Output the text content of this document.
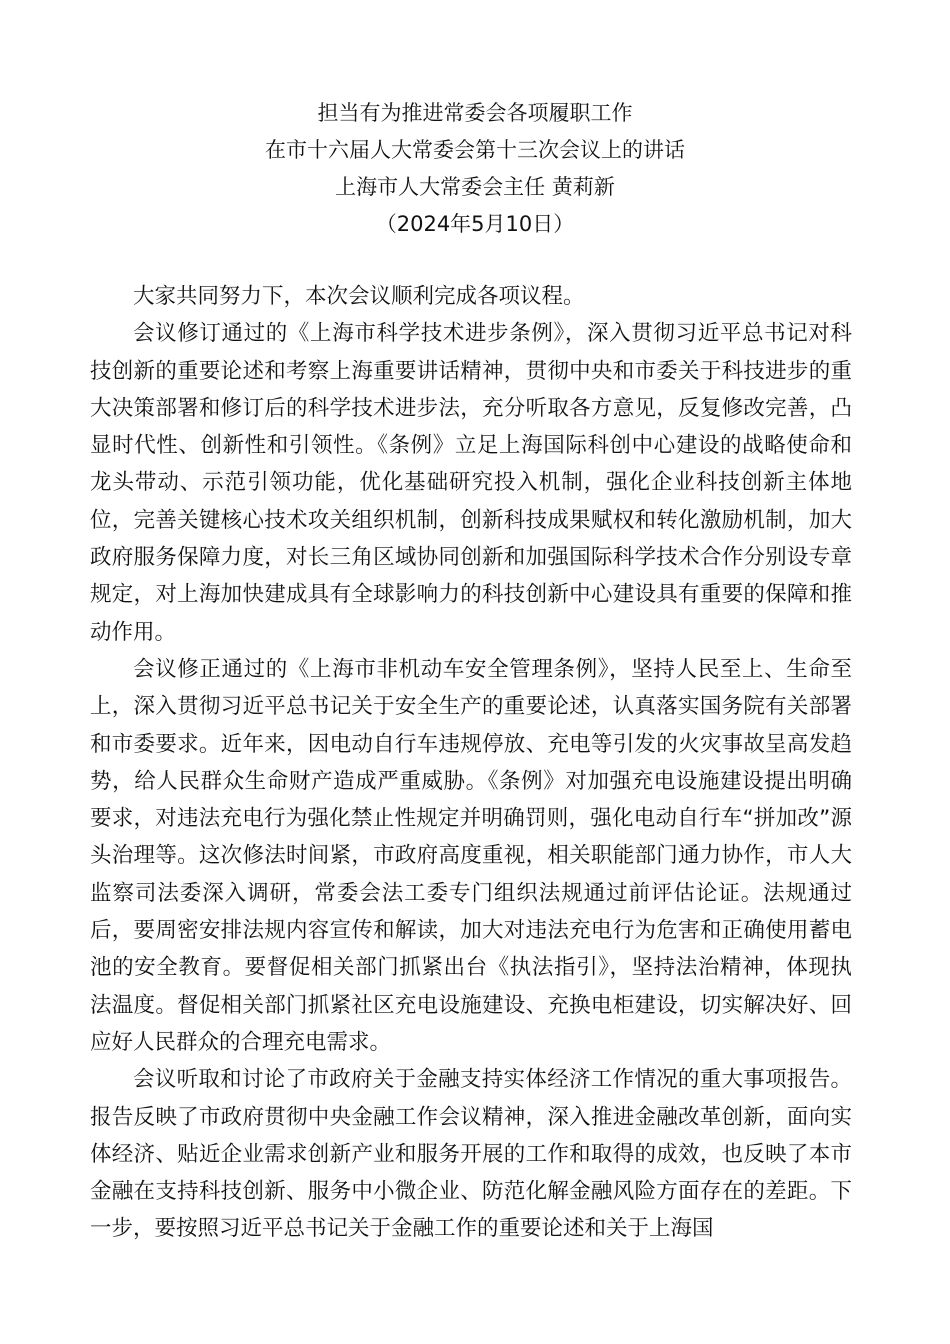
担当有为推进常委会各项履职工作
在市十六届人大常委会第十三次会议上的讲话
上海市人大常委会主任 黄莉新
（2024年5月10日）

大家共同努力下，本次会议顺利完成各项议程。

会议修订通过的《上海市科学技术进步条例》，深入贯彻习近平总书记对科技创新的重要论述和考察上海重要讲话精神，贯彻中央和市委关于科技进步的重大决策部署和修订后的科学技术进步法，充分听取各方意见，反复修改完善，凸显时代性、创新性和引领性。《条例》立足上海国际科创中心建设的战略使命和龙头带动、示范引领功能，优化基础研究投入机制，强化企业科技创新主体地位，完善关键核心技术攻关组织机制，创新科技成果赋权和转化激励机制，加大政府服务保障力度，对长三角区域协同创新和加强国际科学技术合作分别设专章规定，对上海加快建成具有全球影响力的科技创新中心建设具有重要的保障和推动作用。

会议修正通过的《上海市非机动车安全管理条例》，坚持人民至上、生命至上，深入贯彻习近平总书记关于安全生产的重要论述，认真落实国务院有关部署和市委要求。近年来，因电动自行车违规停放、充电等引发的火灾事故呈高发趋势，给人民群众生命财产造成严重威胁。《条例》对加强充电设施建设提出明确要求，对违法充电行为强化禁止性规定并明确罚则，强化电动自行车“拼加改”源头治理等。这次修法时间紧，市政府高度重视，相关职能部门通力协作，市人大监察司法委深入调研，常委会法工委专门组织法规通过前评估论证。法规通过后，要周密安排法规内容宣传和解读，加大对违法充电行为危害和正确使用蓄电池的安全教育。要督促相关部门抓紧出台《执法指引》，坚持法治精神，体现执法温度。督促相关部门抓紧社区充电设施建设、充换电柜建设，切实解决好、回应好人民群众的合理充电需求。

会议听取和讨论了市政府关于金融支持实体经济工作情况的重大事项报告。报告反映了市政府贯彻中央金融工作会议精神，深入推进金融改革创新，面向实体经济、贴近企业需求创新产业和服务开展的工作和取得的成效，也反映了本市金融在支持科技创新、服务中小微企业、防范化解金融风险方面存在的差距。下一步，要按照习近平总书记关于金融工作的重要论述和关于上海国
